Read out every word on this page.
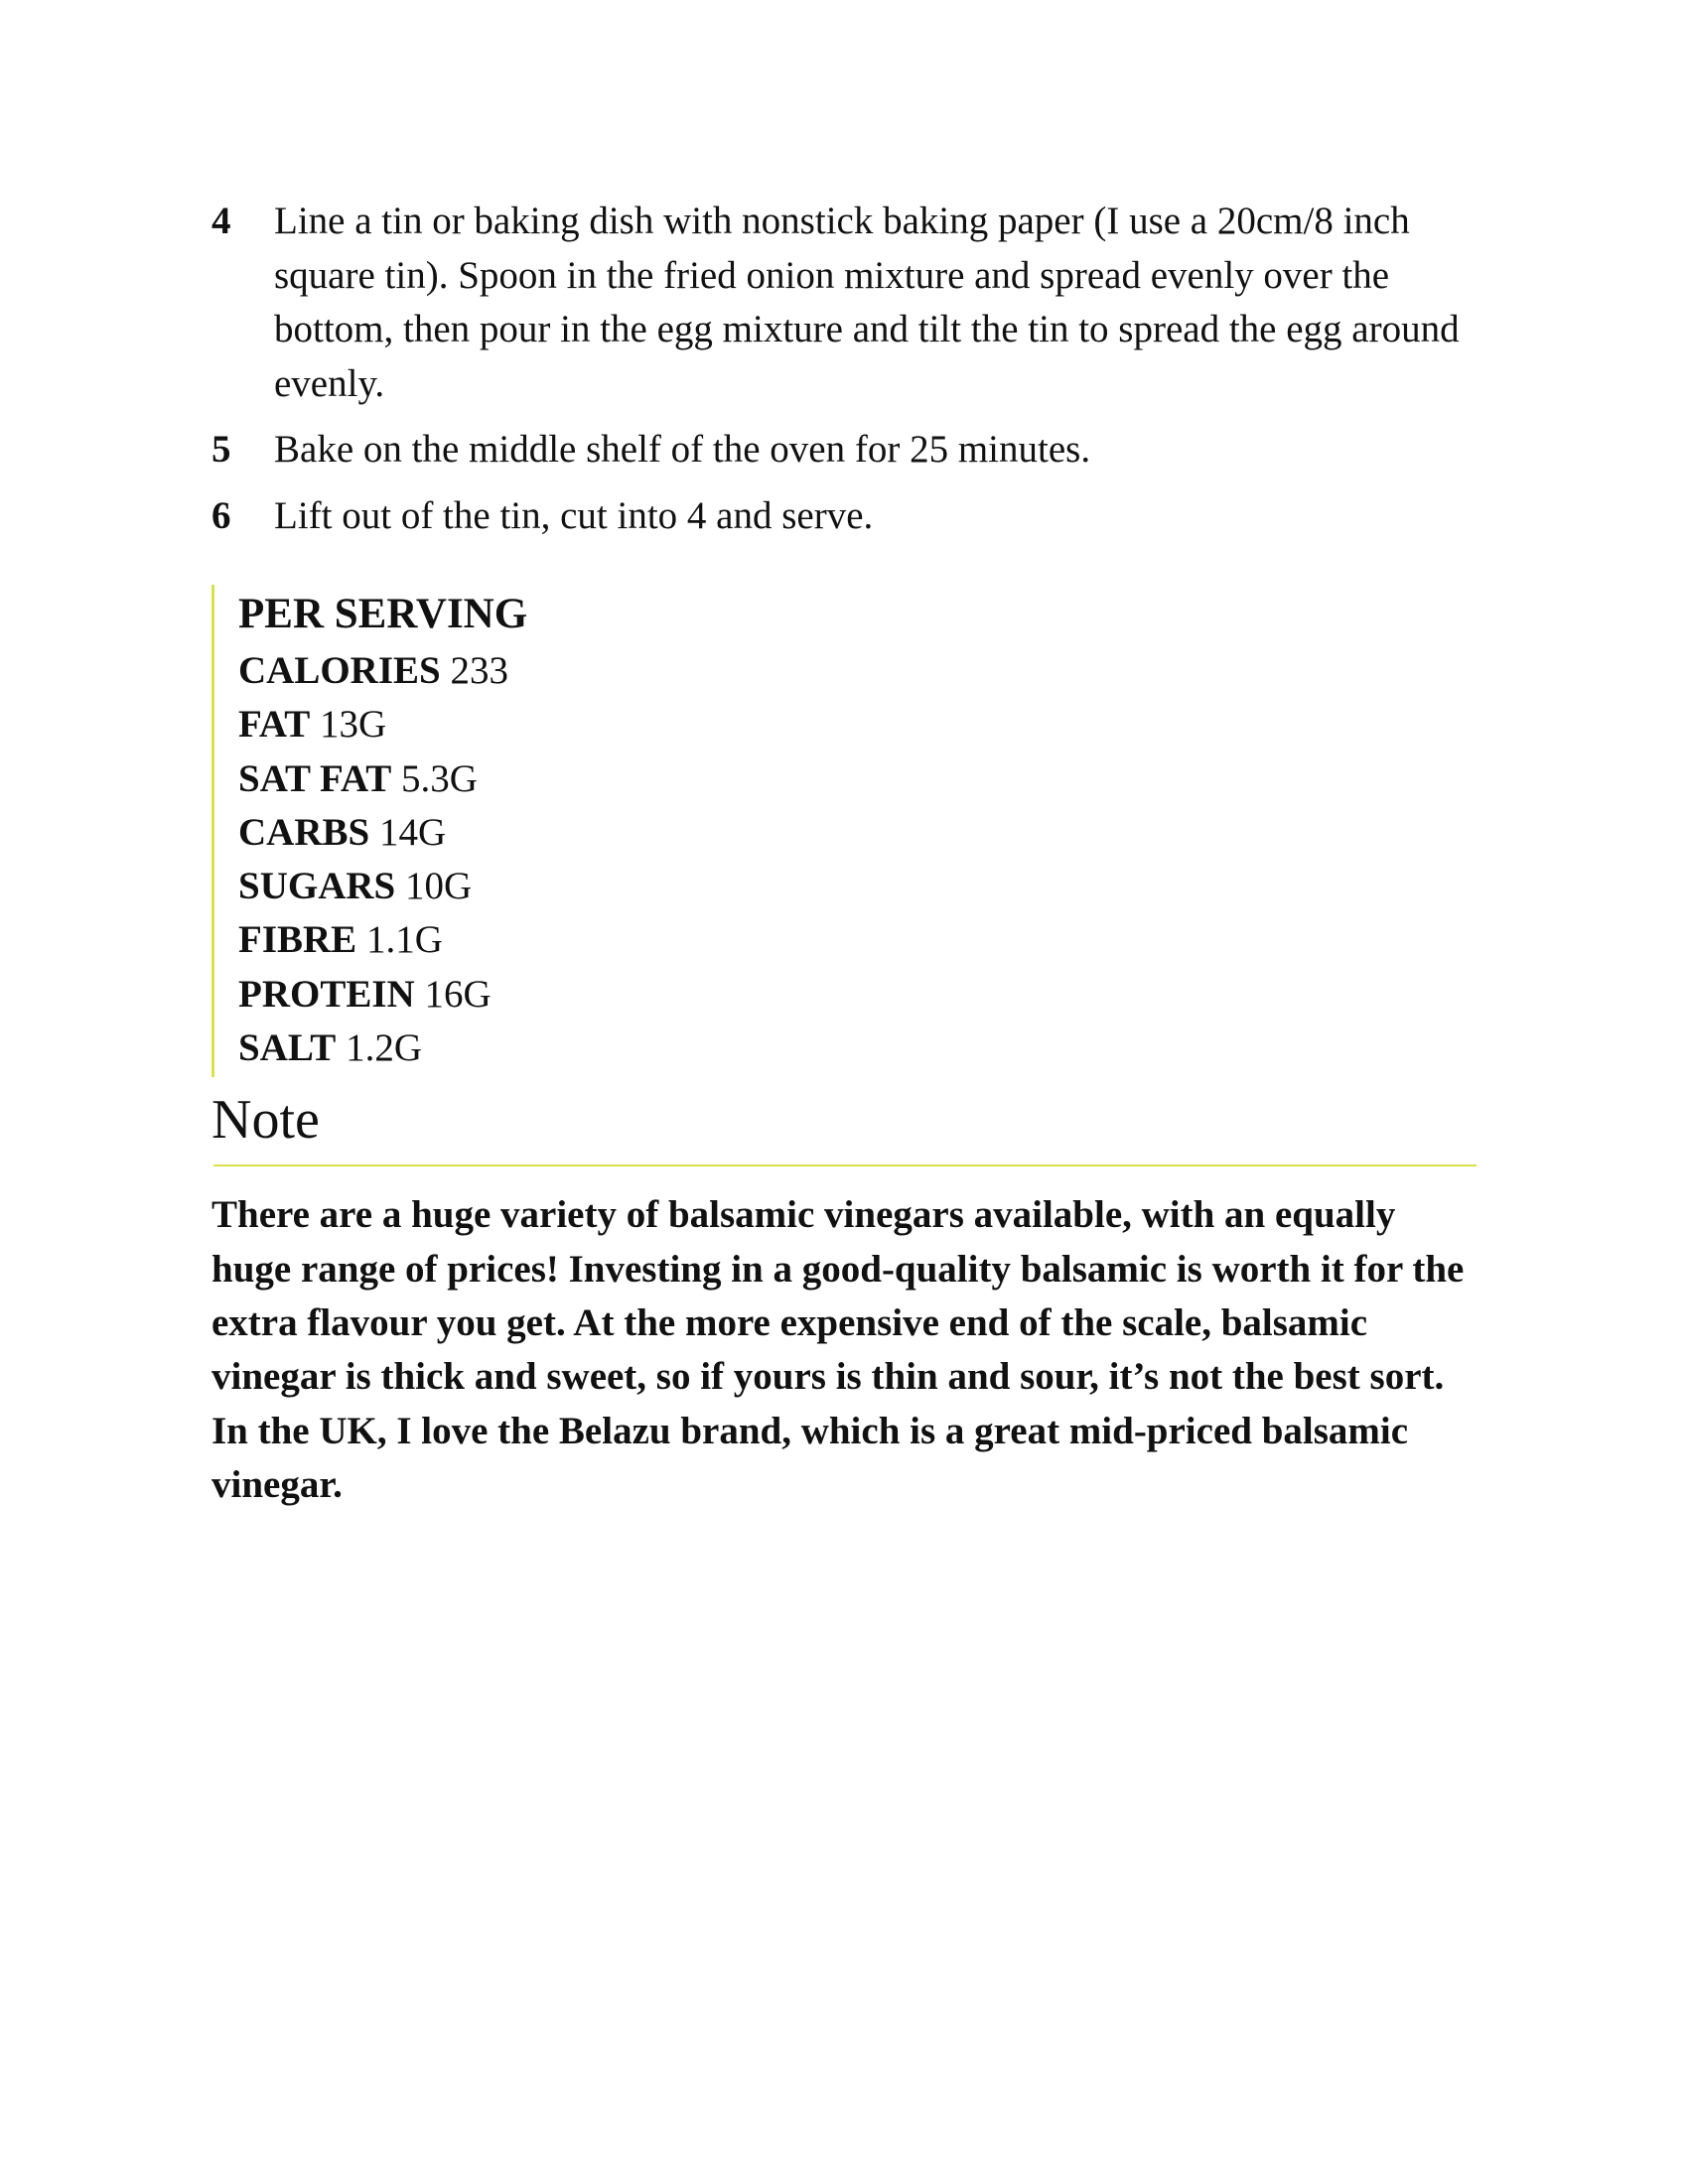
4	Line a tin or baking dish with nonstick baking paper (I use a 20cm/8 inch square tin). Spoon in the fried onion mixture and spread evenly over the bottom, then pour in the egg mixture and tilt the tin to spread the egg around evenly.
5	Bake on the middle shelf of the oven for 25 minutes.
6	Lift out of the tin, cut into 4 and serve.
PER SERVING
CALORIES 233
FAT 13G
SAT FAT 5.3G
CARBS 14G
SUGARS 10G
FIBRE 1.1G
PROTEIN 16G
SALT 1.2G
Note

There are a huge variety of balsamic vinegars available, with an equally huge range of prices! Investing in a good-quality balsamic is worth it for the extra flavour you get. At the more expensive end of the scale, balsamic vinegar is thick and sweet, so if yours is thin and sour, it’s not the best sort. In the UK, I love the Belazu brand, which is a great mid-priced balsamic vinegar.
